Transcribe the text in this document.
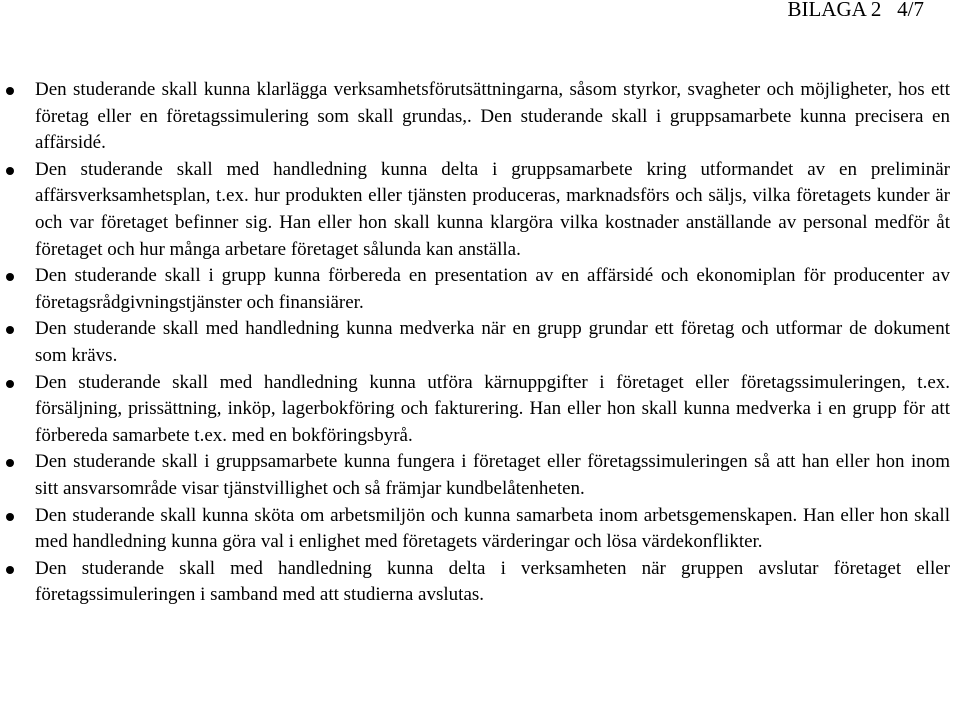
BILAGA 2 4/7
Den studerande skall kunna klarlägga verksamhetsförutsättningarna, såsom styrkor, svagheter och möjligheter, hos ett företag eller en företagssimulering som skall grundas,. Den studerande skall i gruppsamarbete kunna precisera en affärsidé.
Den studerande skall med handledning kunna delta i gruppsamarbete kring utformandet av en preliminär affärsverksamhetsplan, t.ex. hur produkten eller tjänsten produceras, marknadsförs och säljs, vilka företagets kunder är och var företaget befinner sig. Han eller hon skall kunna klargöra vilka kostnader anställande av personal medför åt företaget och hur många arbetare företaget sålunda kan anställa.
Den studerande skall i grupp kunna förbereda en presentation av en affärsidé och ekonomiplan för producenter av företagsrådgivningstjänster och finansiärer.
Den studerande skall med handledning kunna medverka när en grupp grundar ett företag och utformar de dokument som krävs.
Den studerande skall med handledning kunna utföra kärnuppgifter i företaget eller företagssimuleringen, t.ex. försäljning, prissättning, inköp, lagerbokföring och fakturering. Han eller hon skall kunna medverka i en grupp för att förbereda samarbete t.ex. med en bokföringsbyrå.
Den studerande skall i gruppsamarbete kunna fungera i företaget eller företagssimuleringen så att han eller hon inom sitt ansvarsområde visar tjänstvillighet och så främjar kundbelåtenheten.
Den studerande skall kunna sköta om arbetsmiljön och kunna samarbeta inom arbetsgemenskapen. Han eller hon skall med handledning kunna göra val i enlighet med företagets värderingar och lösa värdekonflikter.
Den studerande skall med handledning kunna delta i verksamheten när gruppen avslutar företaget eller företagssimuleringen i samband med att studierna avslutas.
